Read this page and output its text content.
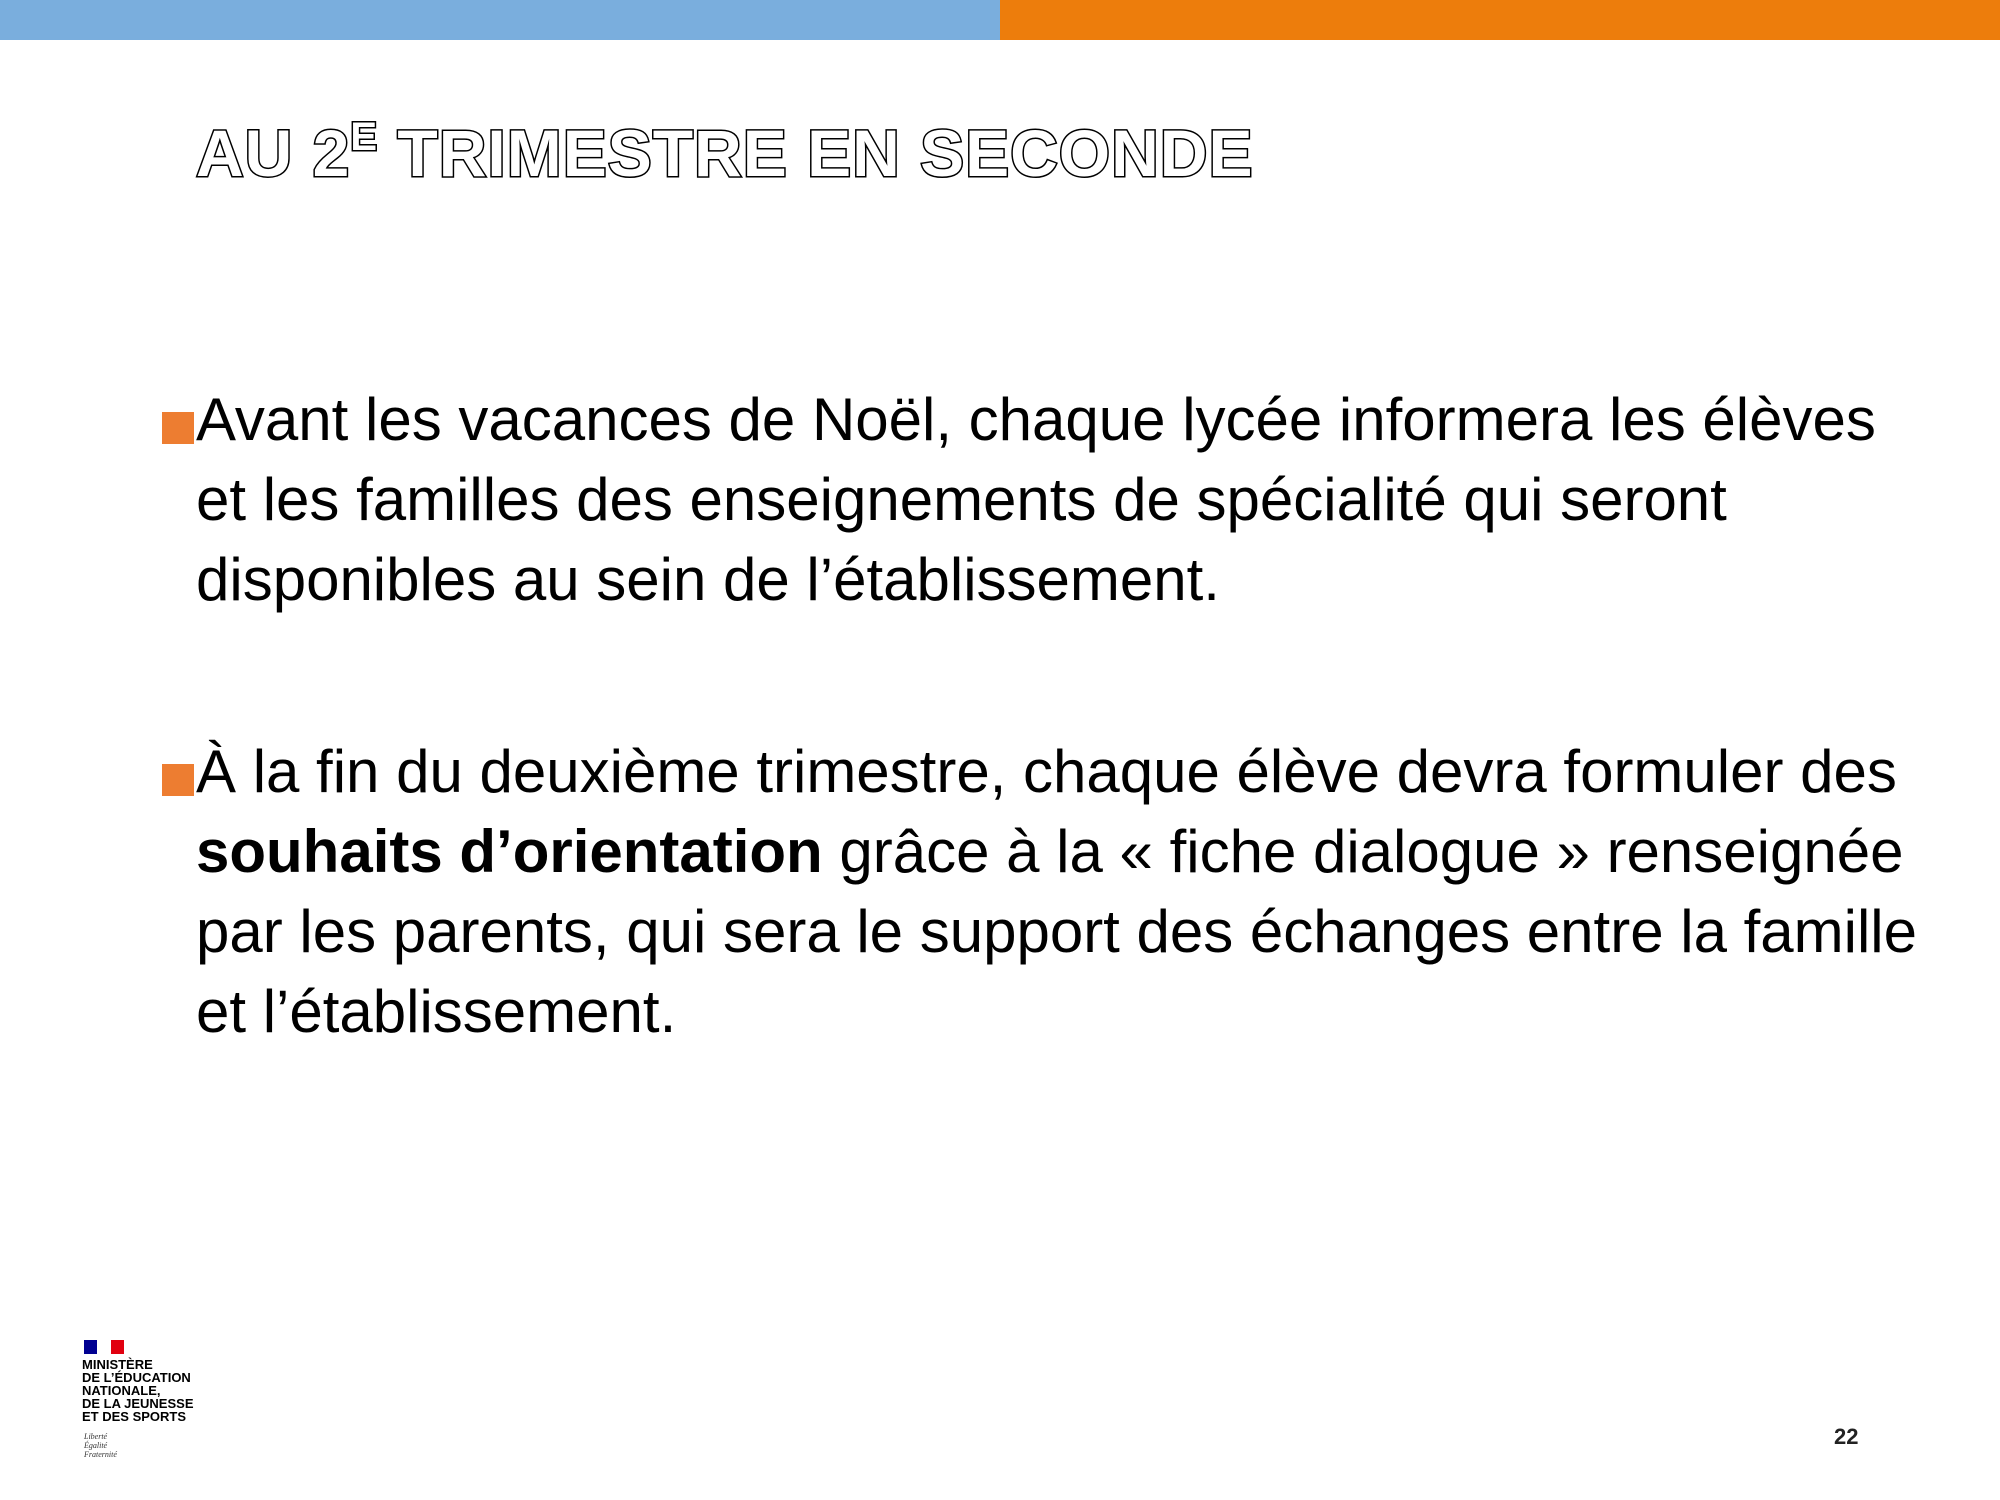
AU $2^E$ TRIMESTRE EN SECONDE

Avant les vacances de Noël, chaque lycée informera les élèves et les familles des enseignements de spécialité qui seront disponibles au sein de l’établissement.

À la fin du deuxième trimestre, chaque élève devra formuler des souhaits d’orientation grâce à la « fiche dialogue » renseignée par les parents, qui sera le support des échanges entre la famille et l’établissement.

MINISTÈRE
DE L’ÉDUCATION
NATIONALE,
DE LA JEUNESSE
ET DES SPORTS
Liberté
Égalité
Fraternité
22
